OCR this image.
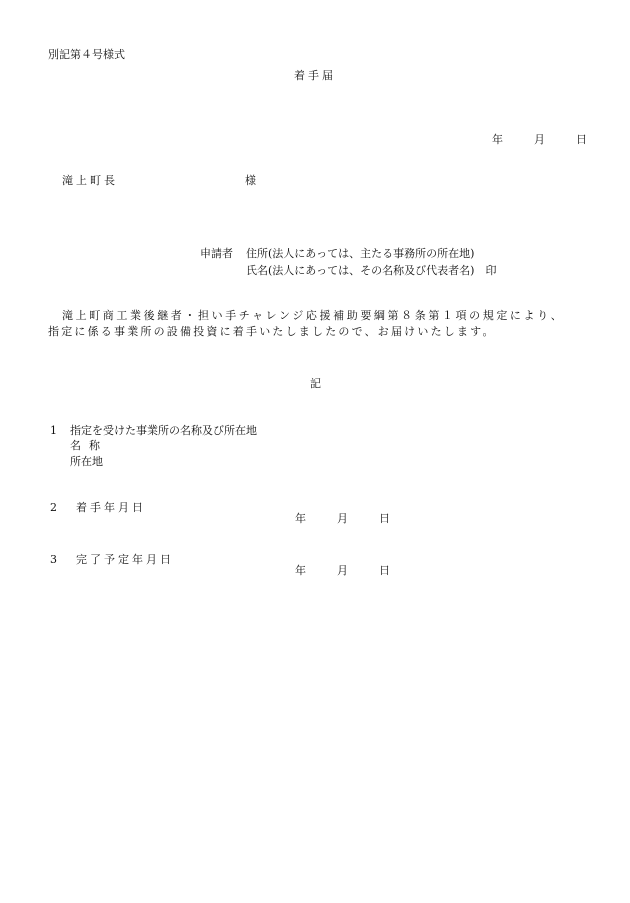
別記第４号様式
着手届

年	月	日

滝上町長	様
申請者 住所(法人にあっては、主たる事務所の所在地)
氏名(法人にあっては、その名称及び代表者名)　印
滝上町商工業後継者・担い手チャレンジ応援補助要綱第８条第１項の規定により、
指定に係る事業所の設備投資に着手いたしましたので、お届けいたします。
記
1 指定を受けた事業所の名称及び所在地
名称
所在地
2 着手年月日

年	月	日

3 完了予定年月日

年	月	日
